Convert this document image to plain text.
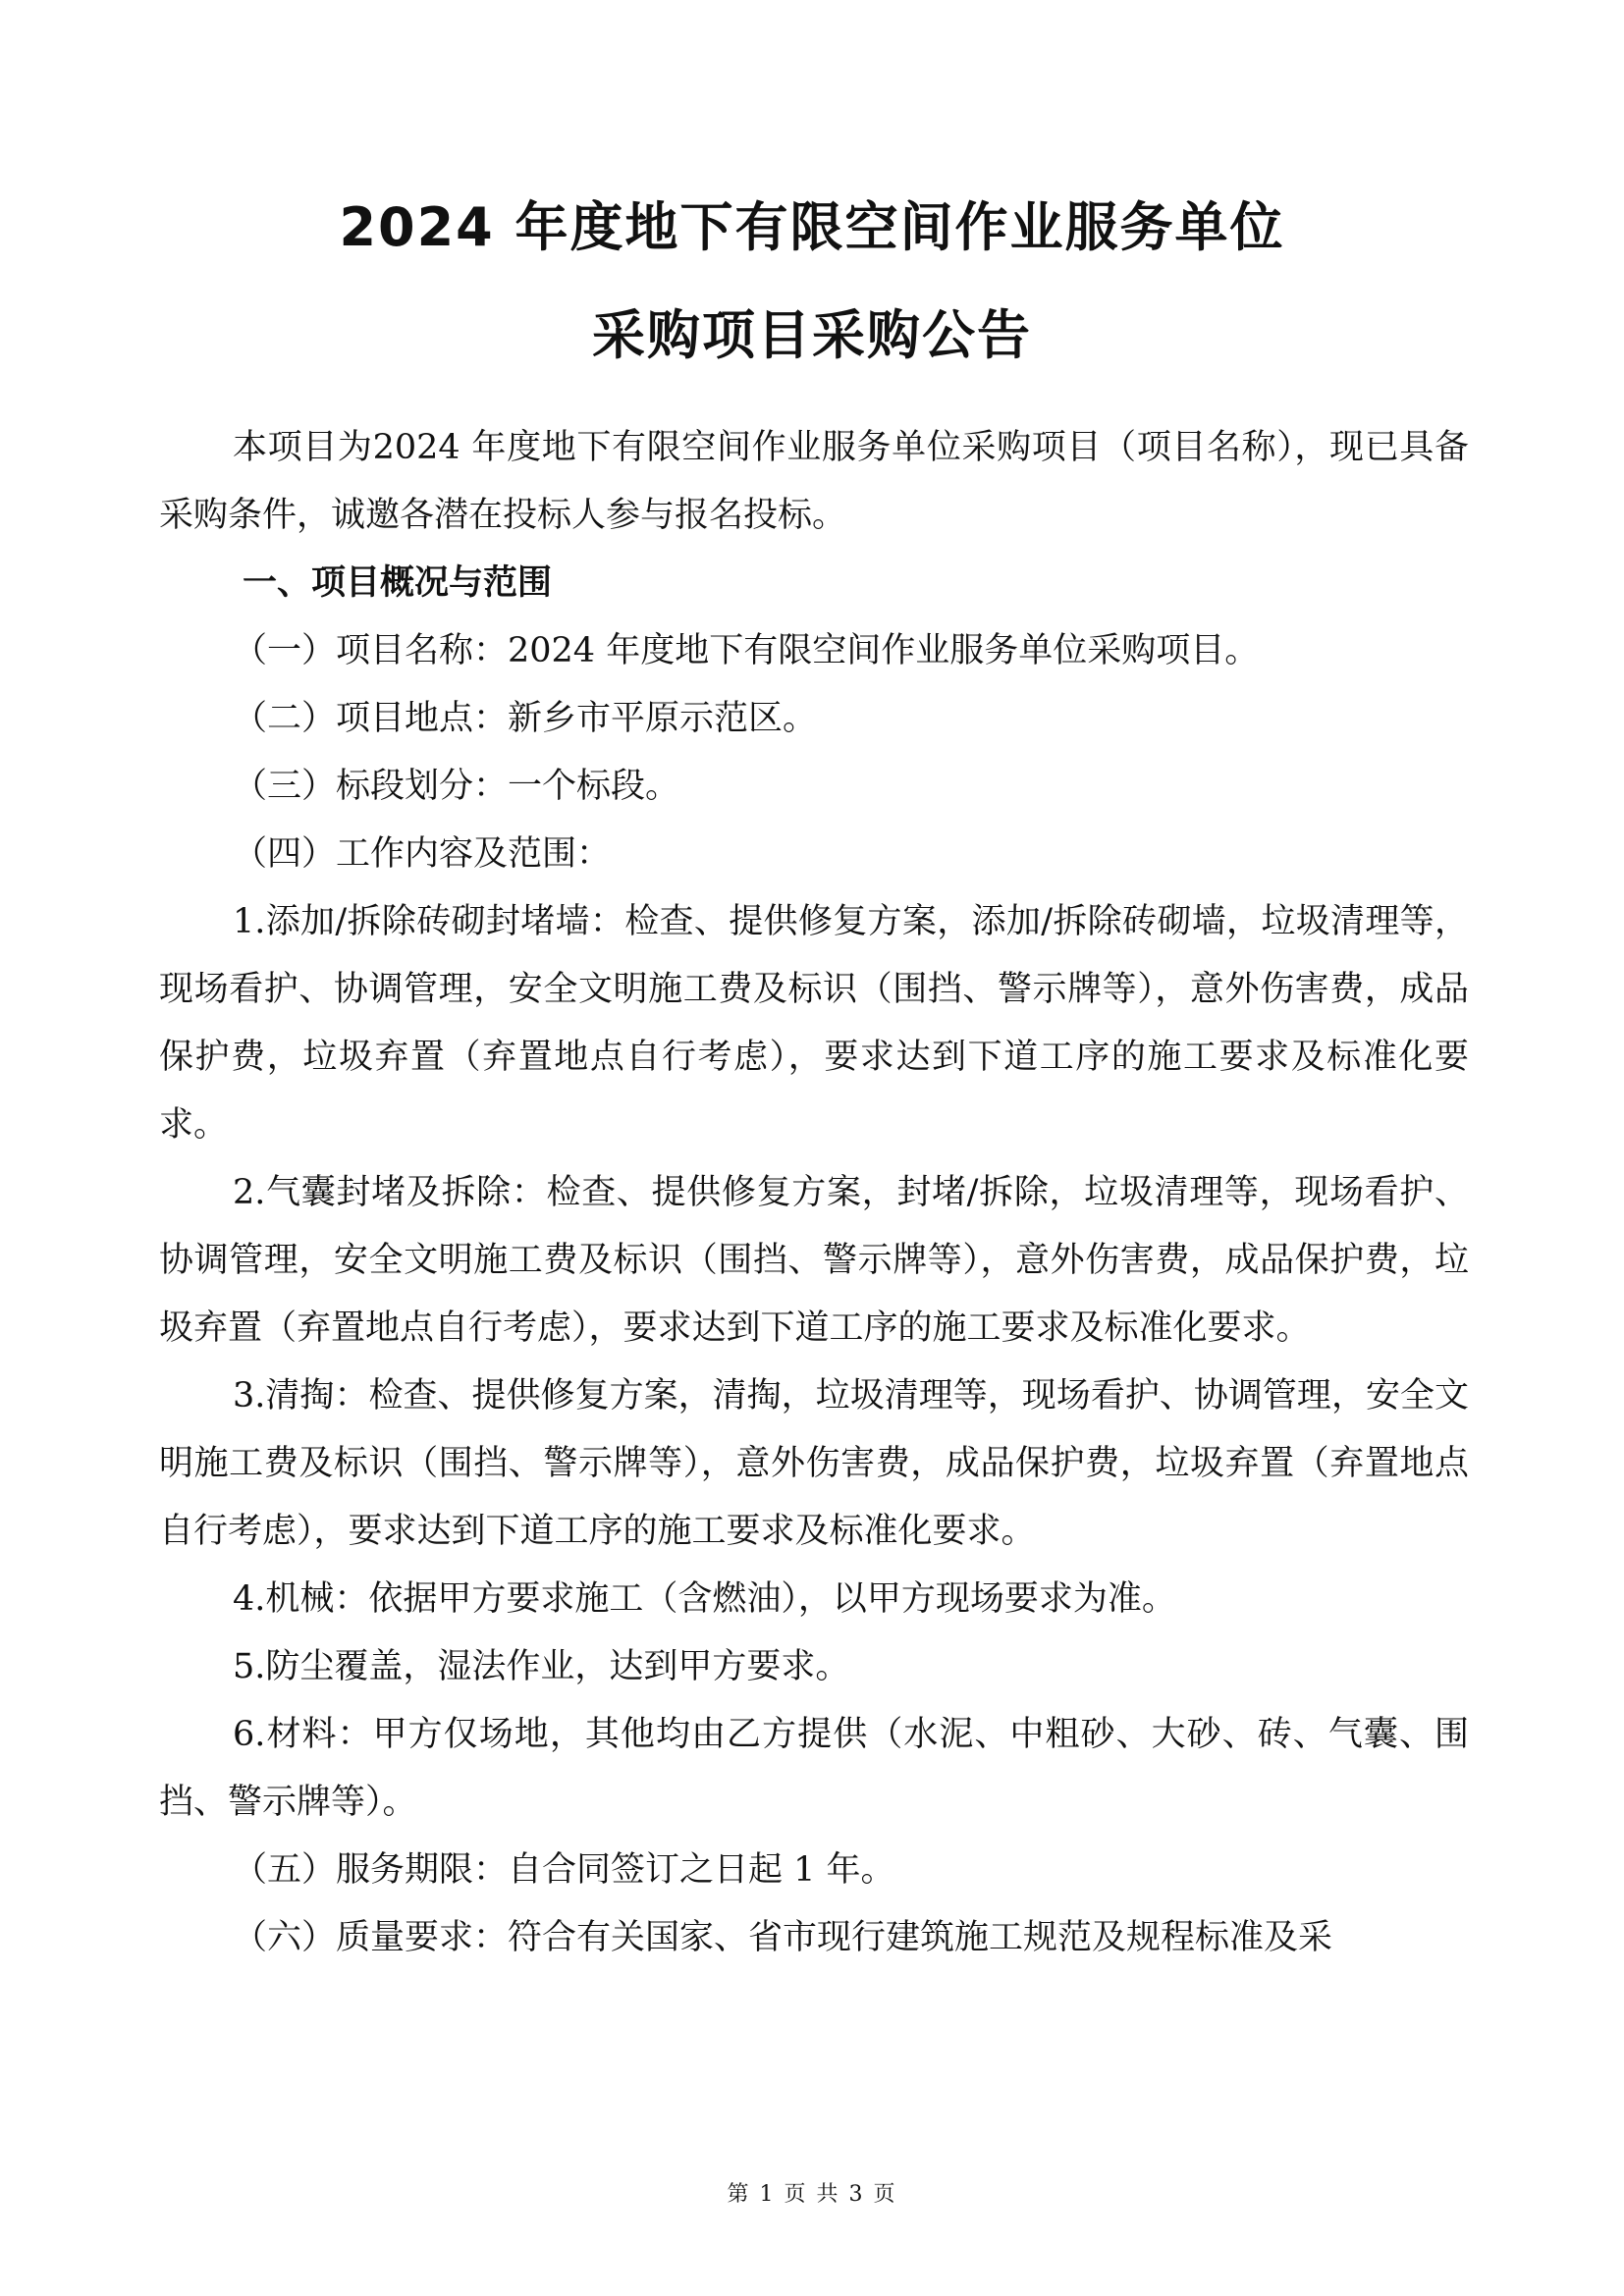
2024 年度地下有限空间作业服务单位
采购项目采购公告

本项目为2024 年度地下有限空间作业服务单位采购项目（项目名称），现已具备采购条件，诚邀各潜在投标人参与报名投标。

一、项目概况与范围

（一）项目名称：2024 年度地下有限空间作业服务单位采购项目。

（二）项目地点：新乡市平原示范区。

（三）标段划分：一个标段。

（四）工作内容及范围：

1.添加/拆除砖砌封堵墙：检查、提供修复方案，添加/拆除砖砌墙，垃圾清理等，现场看护、协调管理，安全文明施工费及标识（围挡、警示牌等），意外伤害费，成品保护费，垃圾弃置（弃置地点自行考虑），要求达到下道工序的施工要求及标准化要求。

2.气囊封堵及拆除：检查、提供修复方案，封堵/拆除，垃圾清理等，现场看护、协调管理，安全文明施工费及标识（围挡、警示牌等），意外伤害费，成品保护费，垃圾弃置（弃置地点自行考虑），要求达到下道工序的施工要求及标准化要求。

3.清掏：检查、提供修复方案，清掏，垃圾清理等，现场看护、协调管理，安全文明施工费及标识（围挡、警示牌等），意外伤害费，成品保护费，垃圾弃置（弃置地点自行考虑），要求达到下道工序的施工要求及标准化要求。

4.机械：依据甲方要求施工（含燃油），以甲方现场要求为准。

5.防尘覆盖，湿法作业，达到甲方要求。

6.材料：甲方仅场地，其他均由乙方提供（水泥、中粗砂、大砂、砖、气囊、围挡、警示牌等）。

（五）服务期限：自合同签订之日起 1 年。

（六）质量要求：符合有关国家、省市现行建筑施工规范及规程标准及采

第 1 页 共 3 页
